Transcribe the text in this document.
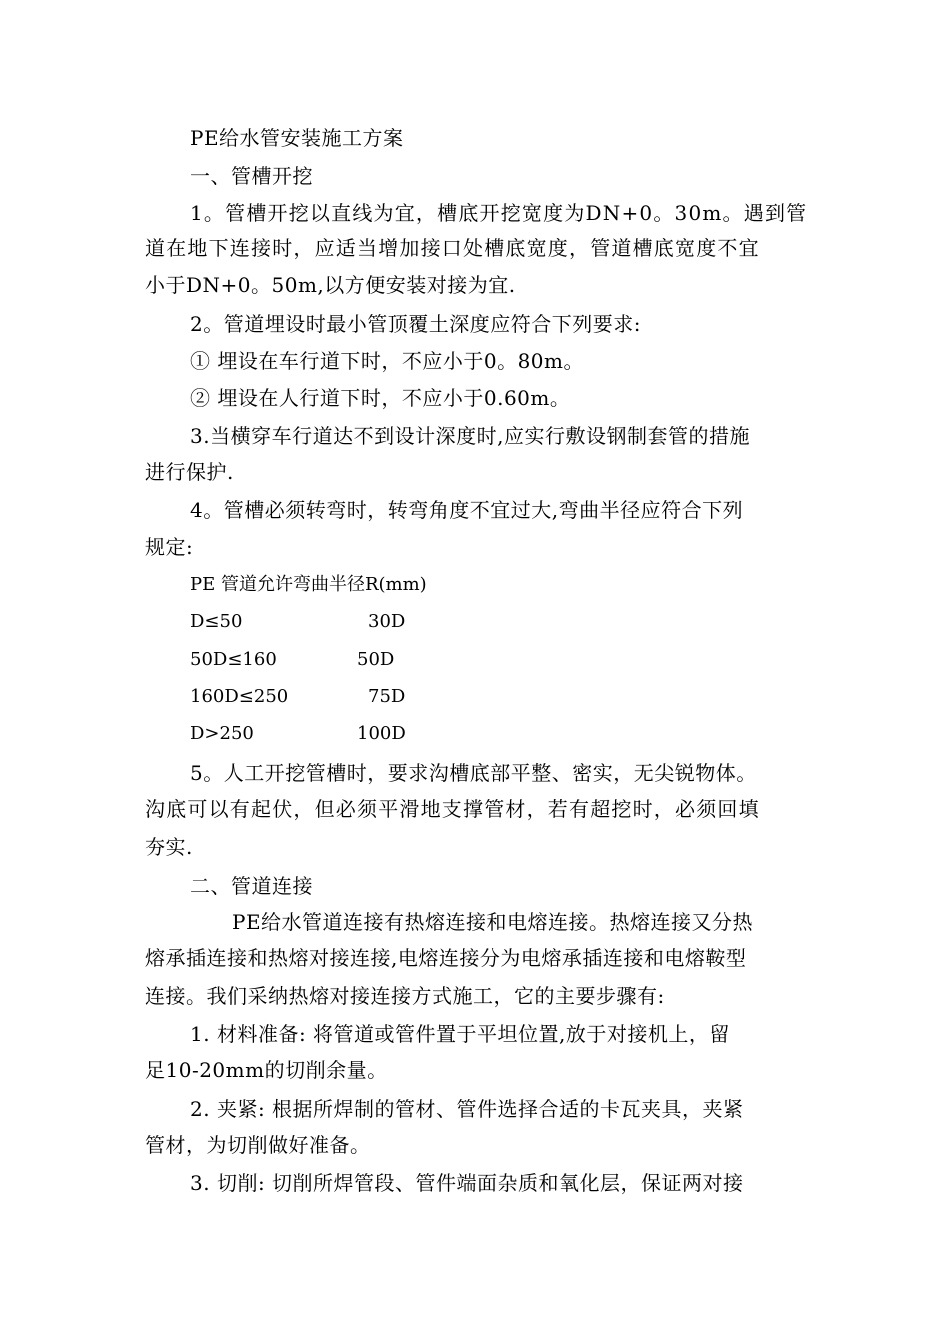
PE给水管安装施工方案
一、管槽开挖
1。管槽开挖以直线为宜，槽底开挖宽度为DN+0。30m。遇到管
道在地下连接时，应适当增加接口处槽底宽度，管道槽底宽度不宜
小于DN+0。50m,以方便安装对接为宜.
2。管道埋设时最小管顶覆土深度应符合下列要求:
① 埋设在车行道下时，不应小于0。80m。
② 埋设在人行道下时，不应小于0.60m。
3.当横穿车行道达不到设计深度时,应实行敷设钢制套管的措施
进行保护.
4。管槽必须转弯时，转弯角度不宜过大,弯曲半径应符合下列
规定:
PE 管道允许弯曲半径R(mm)
D≤50	30D
50D≤160	50D
160D≤250	75D
D>250	100D
5。人工开挖管槽时，要求沟槽底部平整、密实，无尖锐物体。
沟底可以有起伏，但必须平滑地支撑管材，若有超挖时，必须回填
夯实.
二、管道连接
PE给水管道连接有热熔连接和电熔连接。热熔连接又分热
熔承插连接和热熔对接连接,电熔连接分为电熔承插连接和电熔鞍型
连接。我们采纳热熔对接连接方式施工，它的主要步骤有:
1. 材料准备: 将管道或管件置于平坦位置,放于对接机上，留
足10-20mm的切削余量。
2. 夹紧: 根据所焊制的管材、管件选择合适的卡瓦夹具，夹紧
管材，为切削做好准备。
3. 切削: 切削所焊管段、管件端面杂质和氧化层，保证两对接
